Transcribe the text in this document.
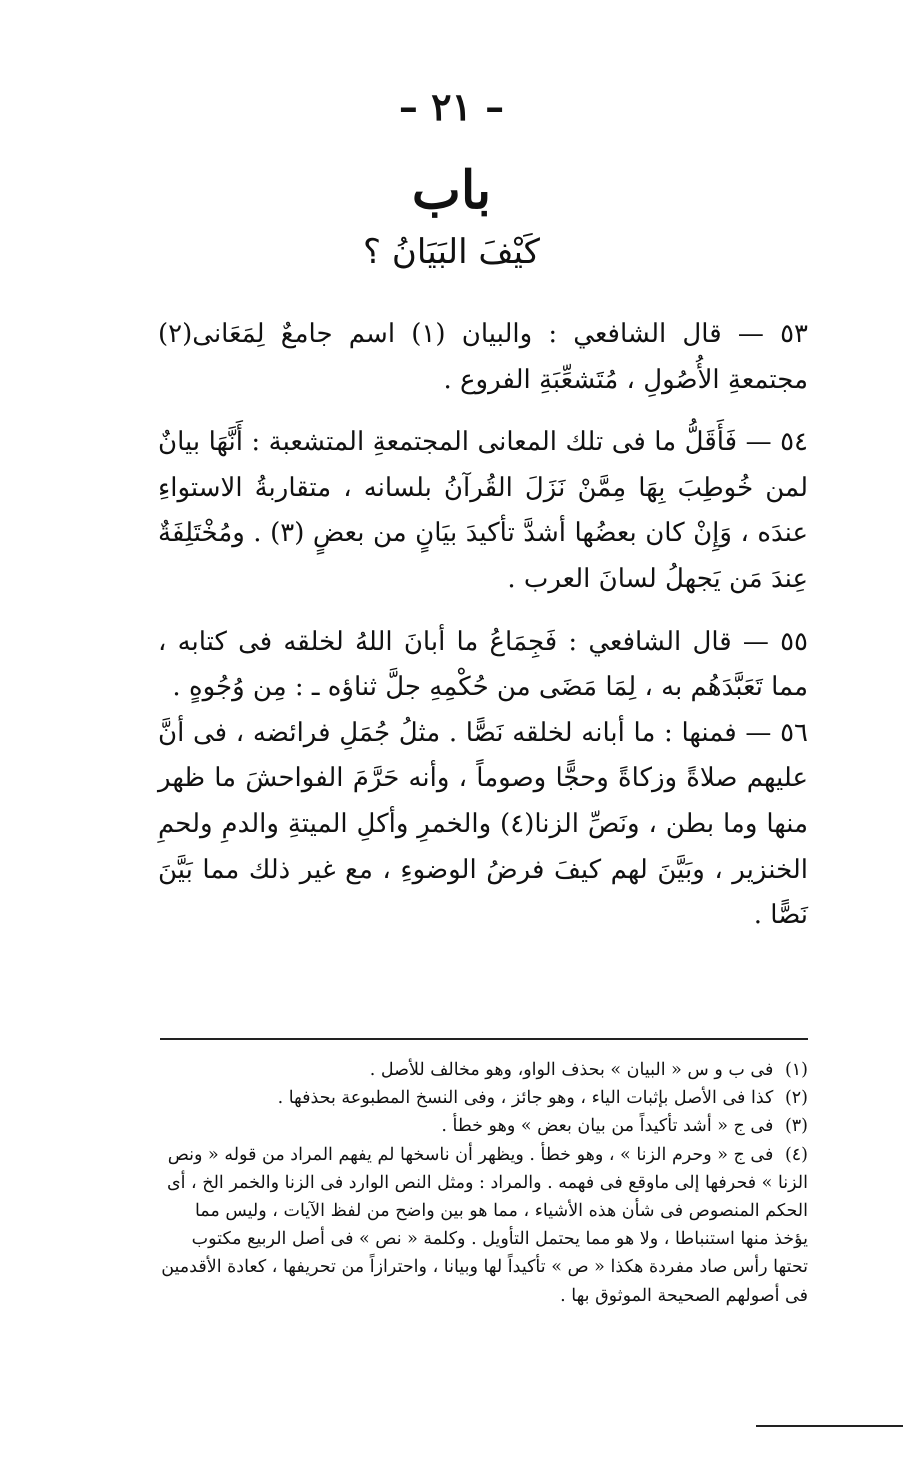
– ٢١ –
باب
كَيْفَ البَيَانُ ؟

٥٣ — قال الشافعي : والبيان (١) اسم جامعٌ لِمَعَانى(٢) مجتمعةِ الأُصُولِ ، مُتَشعِّبَةِ الفروع .

٥٤ — فَأَقَلُّ ما فى تلك المعانى المجتمعةِ المتشعبة : أَنَّهَا بيانٌ لمن خُوطِبَ بِهَا مِمَّنْ نَزَلَ القُرآنُ بلسانه ، متقاربةُ الاستواءِ عندَه ، وَإِنْ كان بعضُها أشدَّ تأكيدَ بيَانٍ من بعضٍ (٣) . ومُخْتَلِفَةٌ عِندَ مَن يَجهلُ لسانَ العرب .

٥٥ — قال الشافعي : فَجِمَاعُ ما أبانَ اللهُ لخلقه فى كتابه ، مما تَعَبَّدَهُم به ، لِمَا مَضَى من حُكْمِهِ جلَّ ثناؤه ـ : مِن وُجُوهٍ .

٥٦ — فمنها : ما أبانه لخلقه نَصًّا . مثلُ جُمَلِ فرائضه ، فى أنَّ عليهم صلاةً وزكاةً وحجًّا وصوماً ، وأنه حَرَّمَ الفواحشَ ما ظهر منها وما بطن ، ونَصِّ الزنا(٤) والخمرِ وأكلِ الميتةِ والدمِ ولحمِ الخنزير ، وبَيَّنَ لهم كيفَ فرضُ الوضوءِ ، مع غير ذلك مما بَيَّنَ نَصًّا .

(١) فى ب و س « البيان » بحذف الواو، وهو مخالف للأصل .

(٢) كذا فى الأصل بإثبات الياء ، وهو جائز ، وفى النسخ المطبوعة بحذفها .

(٣) فى ج « أشد تأكيداً من بيان بعض » وهو خطأ .

(٤) فى ج « وحرم الزنا » ، وهو خطأ . ويظهر أن ناسخها لم يفهم المراد من قوله « ونص الزنا » فحرفها إلى ماوقع فى فهمه . والمراد : ومثل النص الوارد فى الزنا والخمر الخ ، أى الحكم المنصوص فى شأن هذه الأشياء ، مما هو بين واضح من لفظ الآيات ، وليس مما يؤخذ منها استنباطا ، ولا هو مما يحتمل التأويل . وكلمة « نص » فى أصل الربيع مكتوب تحتها رأس صاد مفردة هكذا « ص » تأكيداً لها وبيانا ، واحترازاً من تحريفها ، كعادة الأقدمين فى أصولهم الصحيحة الموثوق بها .
